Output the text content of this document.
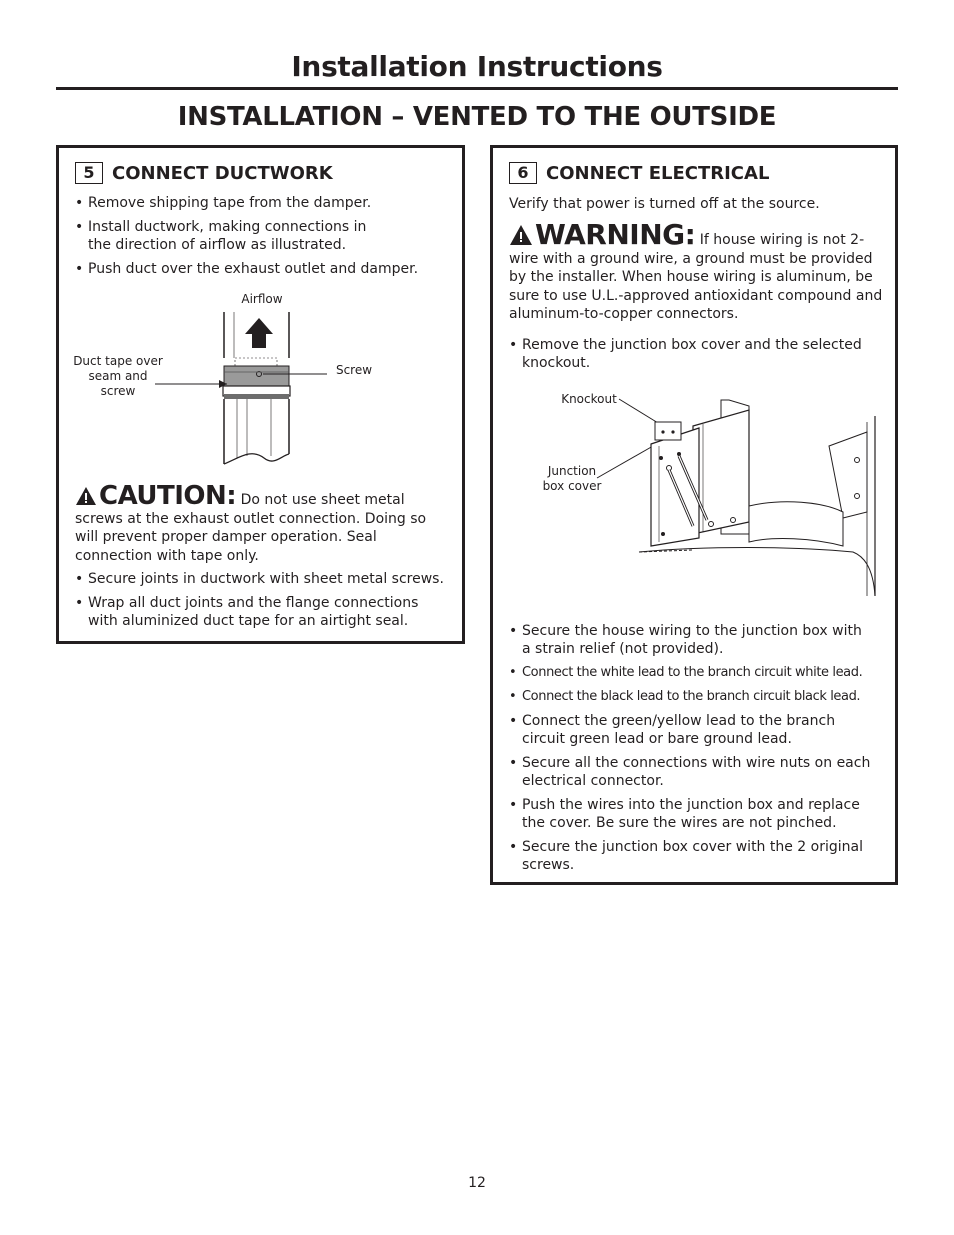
Installation Instructions
INSTALLATION – VENTED TO THE OUTSIDE
5 CONNECT DUCTWORK
• Remove shipping tape from the damper.
• Install ductwork, making connections in the direction of airflow as illustrated.
• Push duct over the exhaust outlet and damper.
Airflow
Duct tape over seam and screw
Screw

CAUTION: Do not use sheet metal screws at the exhaust outlet connection. Doing so will prevent proper damper operation. Seal connection with tape only.

• Secure joints in ductwork with sheet metal screws.
• Wrap all duct joints and the flange connections with aluminized duct tape for an airtight seal.
6 CONNECT ELECTRICAL

Verify that power is turned off at the source.

WARNING: If house wiring is not 2-wire with a ground wire, a ground must be provided by the installer. When house wiring is aluminum, be sure to use U.L.-approved antioxidant compound and aluminum-to-copper connectors.

• Remove the junction box cover and the selected knockout.
Knockout
Junction box cover
• Secure the house wiring to the junction box with a strain relief (not provided).
• Connect the white lead to the branch circuit white lead.
• Connect the black lead to the branch circuit black lead.
• Connect the green/yellow lead to the branch circuit green lead or bare ground lead.
• Secure all the connections with wire nuts on each electrical connector.
• Push the wires into the junction box and replace the cover. Be sure the wires are not pinched.
• Secure the junction box cover with the 2 original screws.
12
